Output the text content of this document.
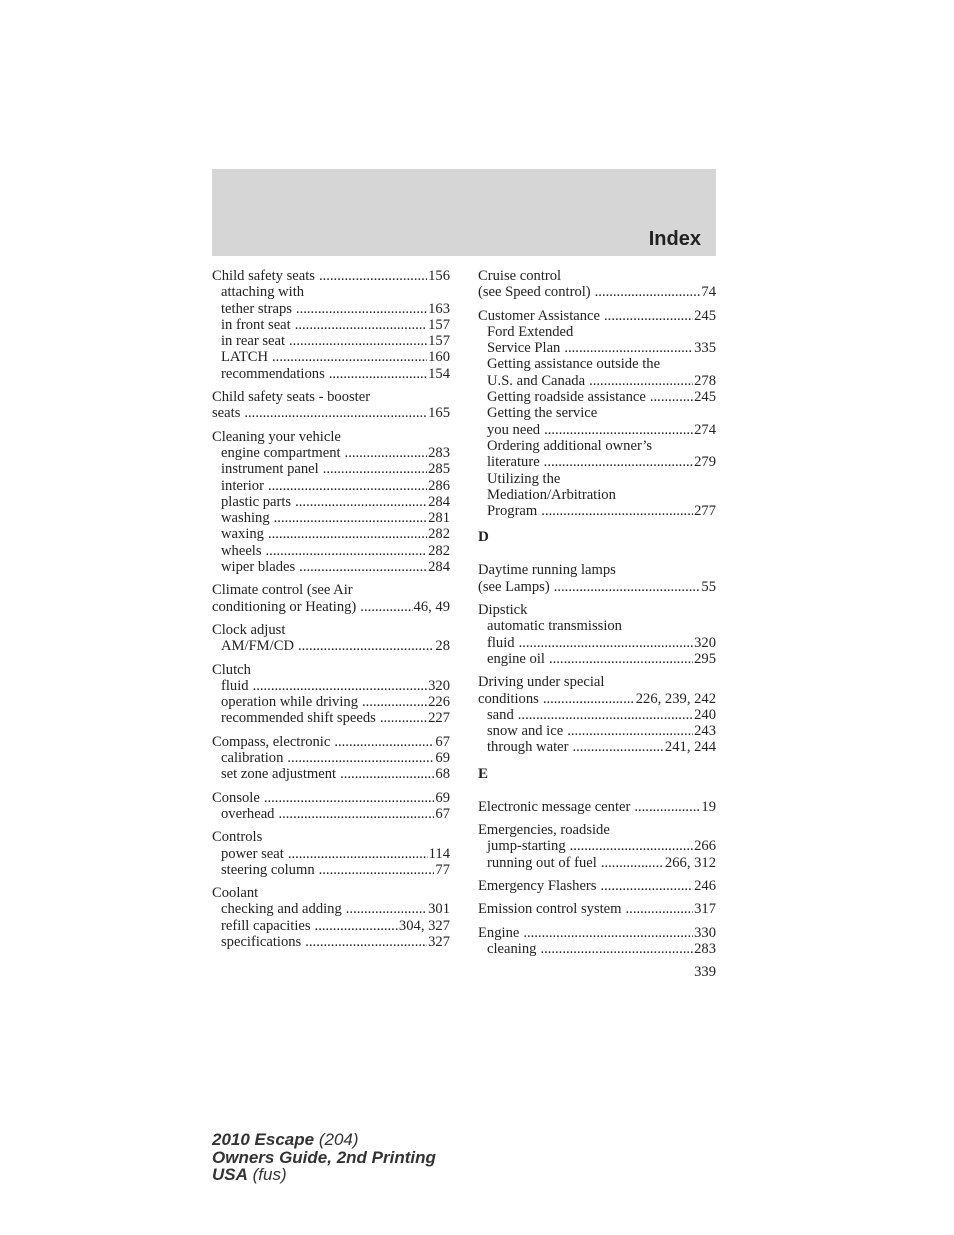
Index
Child safety seats .....	156
attaching with
tether straps .....	163
in front seat .....	157
in rear seat .....	157
LATCH .....	160
recommendations .....	154
Child safety seats - booster
seats .....	165
Cleaning your vehicle
engine compartment .....	283
instrument panel .....	285
interior .....	286
plastic parts .....	284
washing .....	281
waxing .....	282
wheels .....	282
wiper blades .....	284
Climate control (see Air
conditioning or Heating) .....	46, 49
Clock adjust
AM/FM/CD .....	28
Clutch
fluid .....	320
operation while driving .....	226
recommended shift speeds .....	227
Compass, electronic .....	67
calibration .....	69
set zone adjustment .....	68
Console .....	69
overhead .....	67
Controls
power seat .....	114
steering column .....	77
Coolant
checking and adding .....	301
refill capacities .....	304, 327
specifications .....	327
Cruise control
(see Speed control) .....	74
Customer Assistance .....	245
Ford Extended
Service Plan .....	335
Getting assistance outside the
U.S. and Canada .....	278
Getting roadside assistance .....	245
Getting the service
you need .....	274
Ordering additional owner’s
literature .....	279
Utilizing the
Mediation/Arbitration
Program .....	277
D
Daytime running lamps
(see Lamps) .....	55
Dipstick
automatic transmission
fluid .....	320
engine oil .....	295
Driving under special
conditions .....	226, 239, 242
sand .....	240
snow and ice .....	243
through water .....	241, 244
E
Electronic message center .....	19
Emergencies, roadside
jump-starting .....	266
running out of fuel .....	266, 312
Emergency Flashers .....	246
Emission control system .....	317
Engine .....	330
cleaning .....	283
339
2010 Escape (204)
Owners Guide, 2nd Printing
USA (fus)
